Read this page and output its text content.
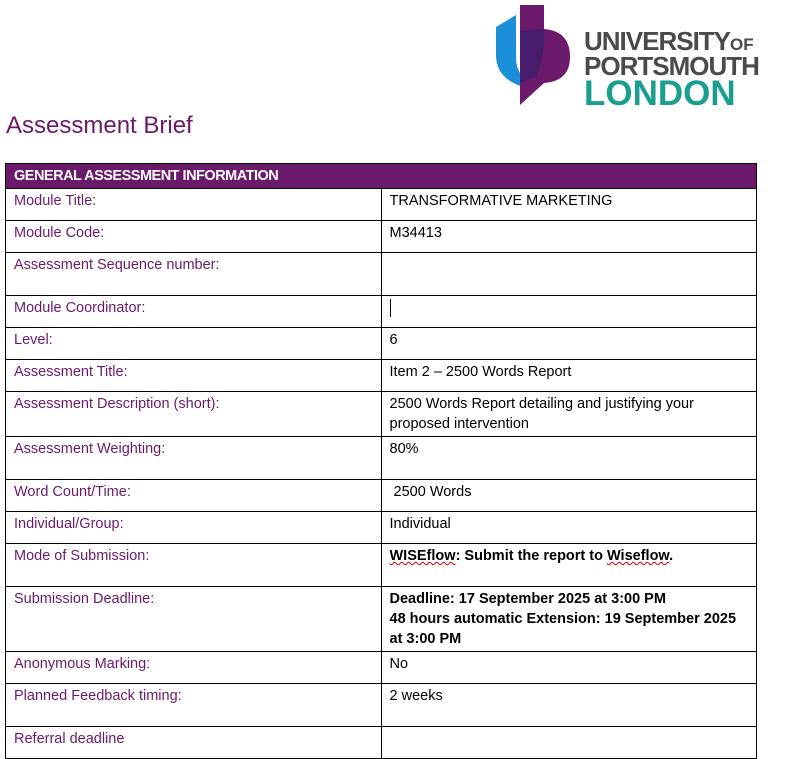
UNIVERSITYOF
PORTSMOUTH
LONDON
Assessment Brief
GENERAL ASSESSMENT INFORMATION	
Module Title:	TRANSFORMATIVE MARKETING
Module Code:	M34413
Assessment Sequence number:	
Module Coordinator:	
Level:	6
Assessment Title:	Item 2 – 2500 Words Report
Assessment Description (short):	2500 Words Report detailing and justifying your proposed intervention
Assessment Weighting:	80%
Word Count/Time:	2500 Words
Individual/Group:	Individual
Mode of Submission:	WISEflow: Submit the report to Wiseflow.
Submission Deadline:	Deadline: 17 September 2025 at 3:00 PM
48 hours automatic Extension: 19 September 2025 at 3:00 PM

Anonymous Marking:	No
Planned Feedback timing:	2 weeks
Referral deadline	
